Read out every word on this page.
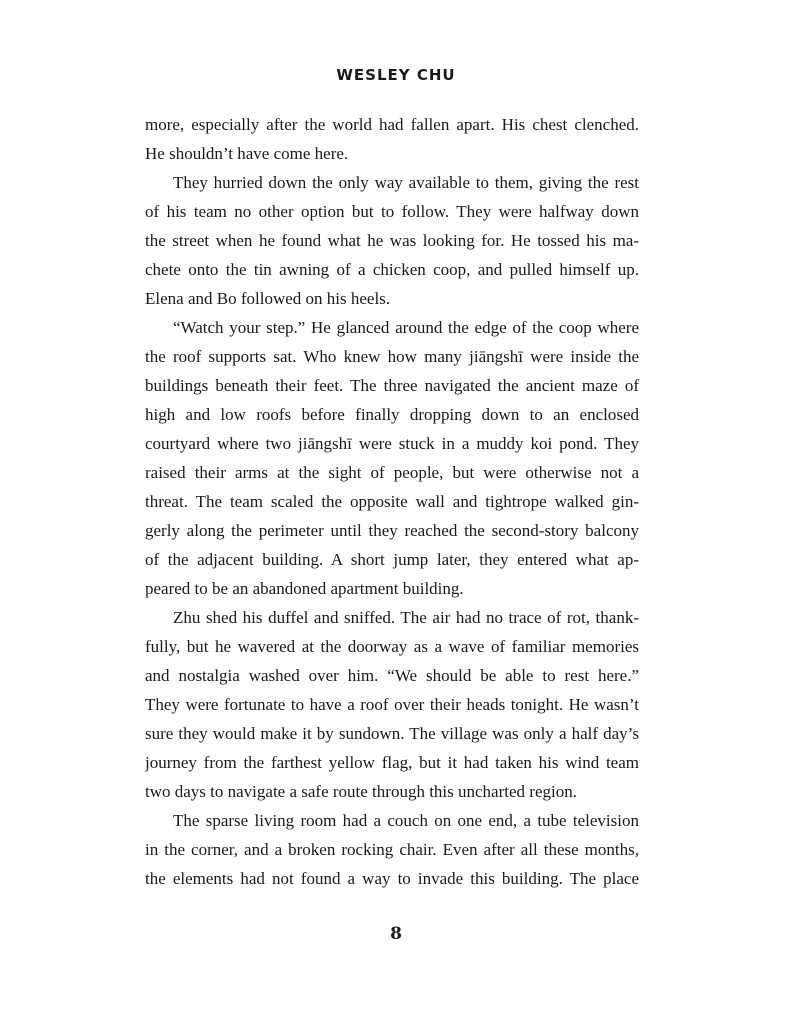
WESLEY CHU
more, especially after the world had fallen apart. His chest clenched.
He shouldn’t have come here.
They hurried down the only way available to them, giving the rest
of his team no other option but to follow. They were halfway down
the street when he found what he was looking for. He tossed his ma-
chete onto the tin awning of a chicken coop, and pulled himself up.
Elena and Bo followed on his heels.
“Watch your step.” He glanced around the edge of the coop where
the roof supports sat. Who knew how many jiāngshī were inside the
buildings beneath their feet. The three navigated the ancient maze of
high and low roofs before finally dropping down to an enclosed
courtyard where two jiāngshī were stuck in a muddy koi pond. They
raised their arms at the sight of people, but were otherwise not a
threat. The team scaled the opposite wall and tightrope walked gin-
gerly along the perimeter until they reached the second-story balcony
of the adjacent building. A short jump later, they entered what ap-
peared to be an abandoned apartment building.
Zhu shed his duffel and sniffed. The air had no trace of rot, thank-
fully, but he wavered at the doorway as a wave of familiar memories
and nostalgia washed over him. “We should be able to rest here.”
They were fortunate to have a roof over their heads tonight. He wasn’t
sure they would make it by sundown. The village was only a half day’s
journey from the farthest yellow flag, but it had taken his wind team
two days to navigate a safe route through this uncharted region.
The sparse living room had a couch on one end, a tube television
in the corner, and a broken rocking chair. Even after all these months,
the elements had not found a way to invade this building. The place
8
